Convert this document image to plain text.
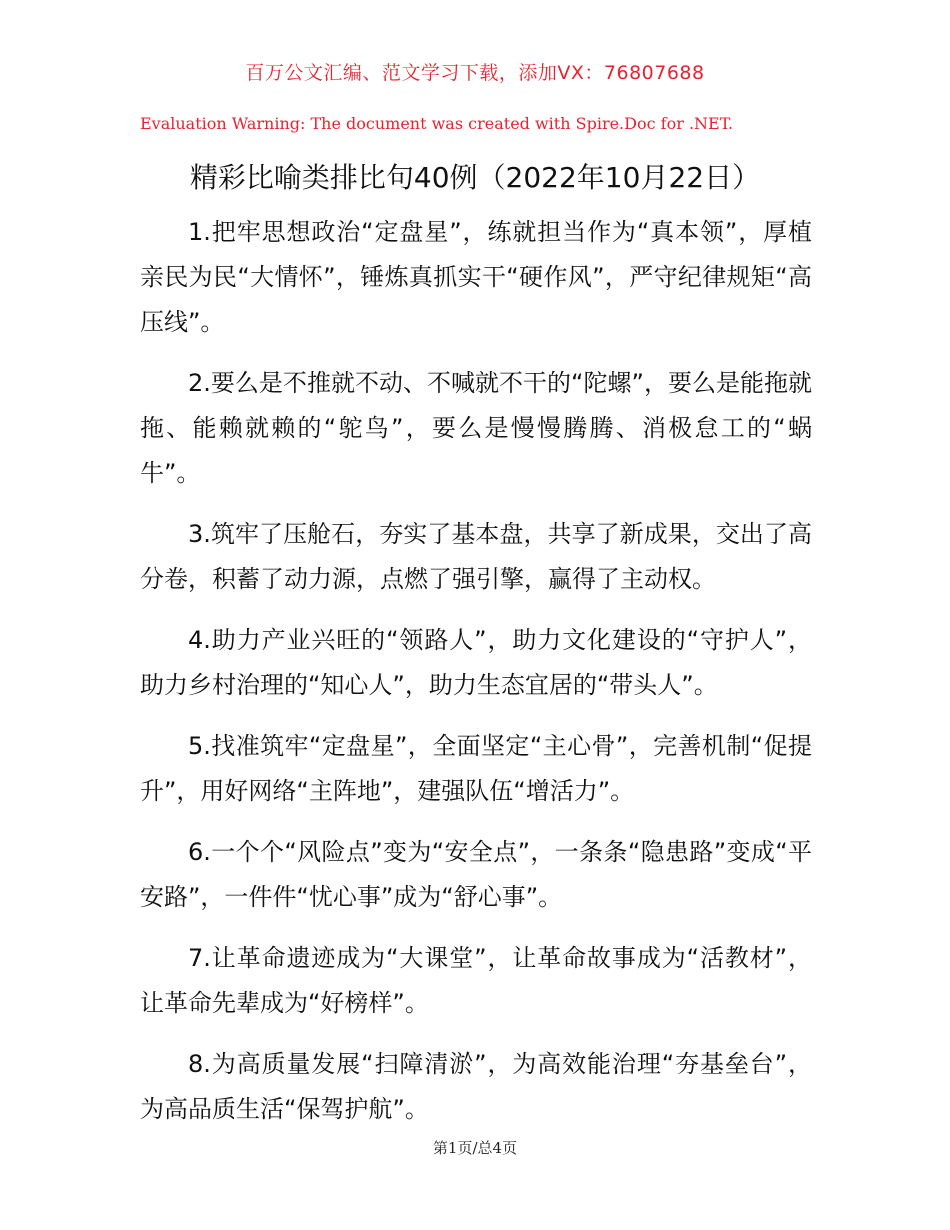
百万公文汇编、范文学习下载，添加VX：76807688
Evaluation Warning: The document was created with Spire.Doc for .NET.
精彩比喻类排比句40例（2022年10月22日）

1.把牢思想政治“定盘星”，练就担当作为“真本领”，厚植亲民为民“大情怀”，锤炼真抓实干“硬作风”，严守纪律规矩“高压线”。

2.要么是不推就不动、不喊就不干的“陀螺”，要么是能拖就拖、能赖就赖的“鸵鸟”，要么是慢慢腾腾、消极怠工的“蜗牛”。

3.筑牢了压舱石，夯实了基本盘，共享了新成果，交出了高分卷，积蓄了动力源，点燃了强引擎，赢得了主动权。

4.助力产业兴旺的“领路人”，助力文化建设的“守护人”，助力乡村治理的“知心人”，助力生态宜居的“带头人”。

5.找准筑牢“定盘星”，全面坚定“主心骨”，完善机制“促提升”，用好网络“主阵地”，建强队伍“增活力”。

6.一个个“风险点”变为“安全点”，一条条“隐患路”变成“平安路”，一件件“忧心事”成为“舒心事”。

7.让革命遗迹成为“大课堂”，让革命故事成为“活教材”，让革命先辈成为“好榜样”。

8.为高质量发展“扫障清淤”，为高效能治理“夯基垒台”，为高品质生活“保驾护航”。

第1页/总4页
